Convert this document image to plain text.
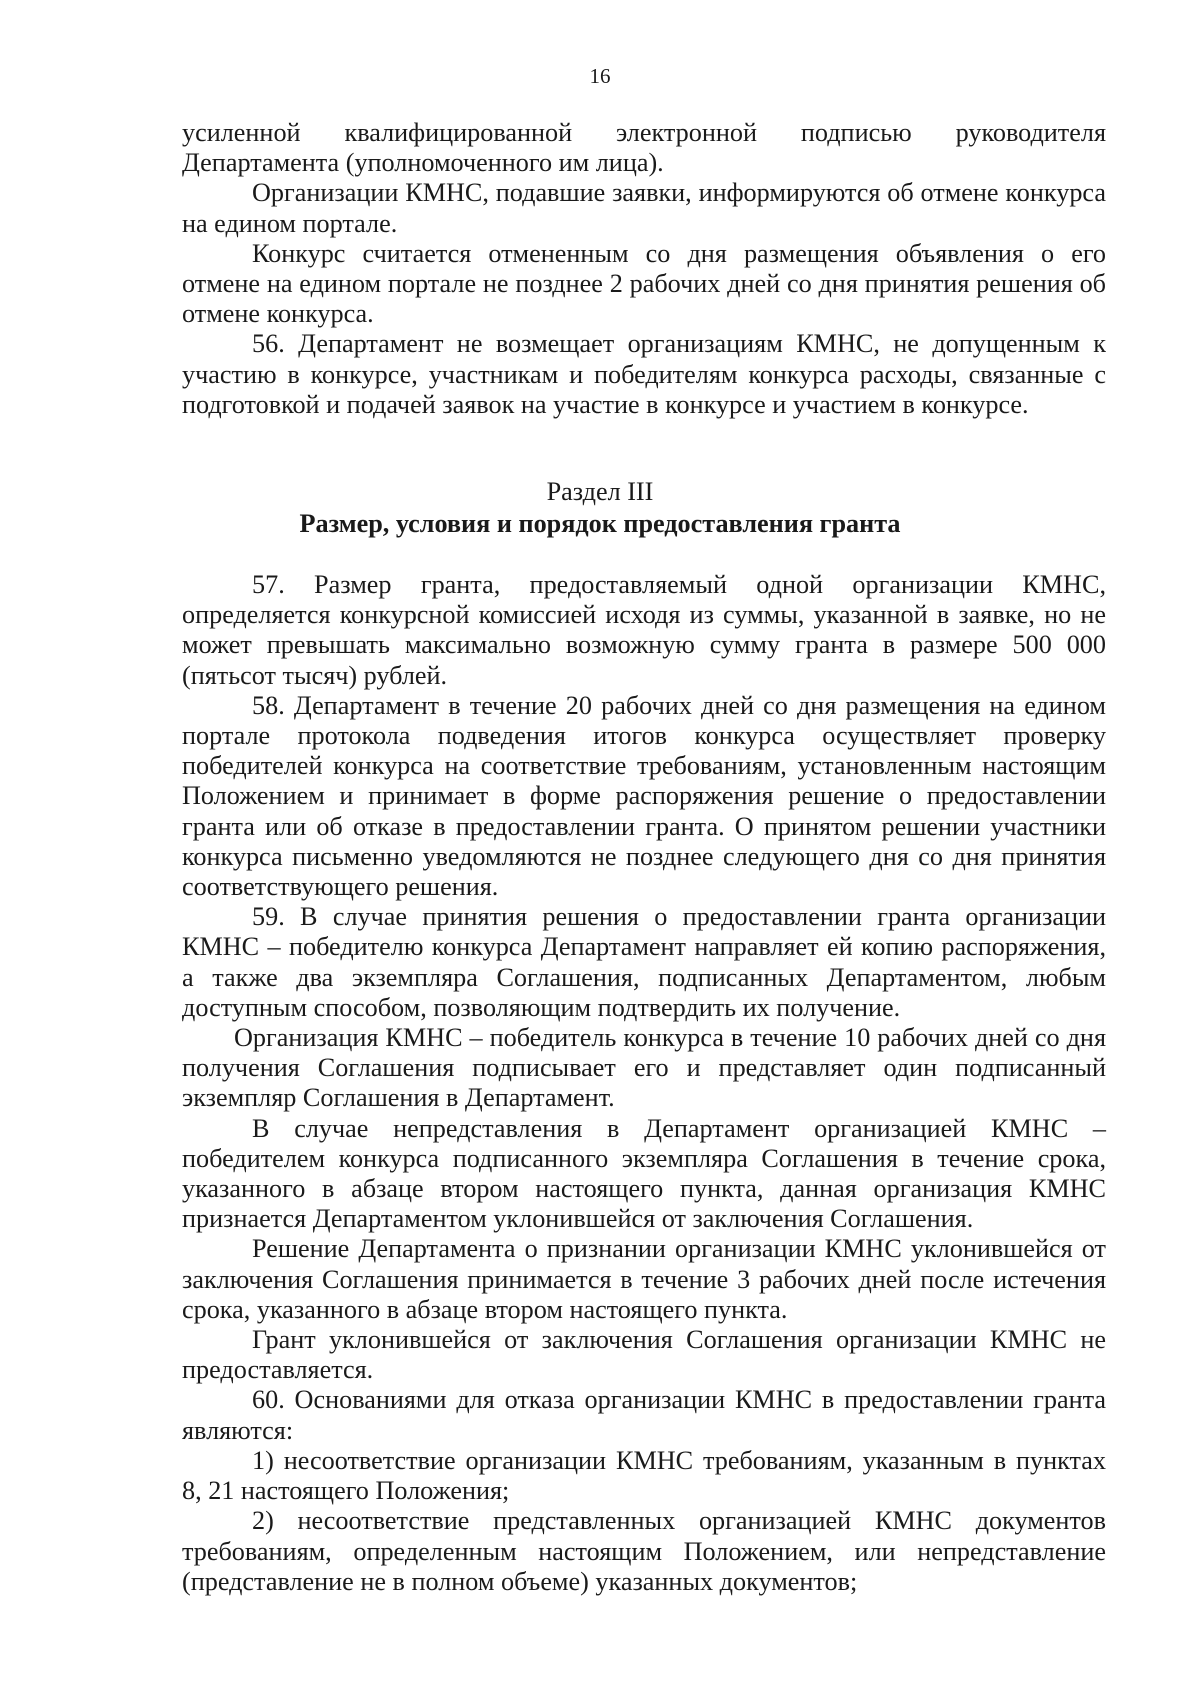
16

усиленной квалифицированной электронной подписью руководителя Департамента (уполномоченного им лица).

Организации КМНС, подавшие заявки, информируются об отмене конкурса на едином портале.

Конкурс считается отмененным со дня размещения объявления о его отмене на едином портале не позднее 2 рабочих дней со дня принятия решения об отмене конкурса.

56. Департамент не возмещает организациям КМНС, не допущенным к участию в конкурсе, участникам и победителям конкурса расходы, связанные с подготовкой и подачей заявок на участие в конкурсе и участием в конкурсе.

Раздел III
Размер, условия и порядок предоставления гранта

57. Размер гранта, предоставляемый одной организации КМНС, определяется конкурсной комиссией исходя из суммы, указанной в заявке, но не может превышать максимально возможную сумму гранта в размере 500 000 (пятьсот тысяч) рублей.

58. Департамент в течение 20 рабочих дней со дня размещения на едином портале протокола подведения итогов конкурса осуществляет проверку победителей конкурса на соответствие требованиям, установленным настоящим Положением и принимает в форме распоряжения решение о предоставлении гранта или об отказе в предоставлении гранта. О принятом решении участники конкурса письменно уведомляются не позднее следующего дня со дня принятия соответствующего решения.

59. В случае принятия решения о предоставлении гранта организации КМНС – победителю конкурса Департамент направляет ей копию распоряжения, а также два экземпляра Соглашения, подписанных Департаментом, любым доступным способом, позволяющим подтвердить их получение.

Организация КМНС – победитель конкурса в течение 10 рабочих дней со дня получения Соглашения подписывает его и представляет один подписанный экземпляр Соглашения в Департамент.

В случае непредставления в Департамент организацией КМНС – победителем конкурса подписанного экземпляра Соглашения в течение срока, указанного в абзаце втором настоящего пункта, данная организация КМНС признается Департаментом уклонившейся от заключения Соглашения.

Решение Департамента о признании организации КМНС уклонившейся от заключения Соглашения принимается в течение 3 рабочих дней после истечения срока, указанного в абзаце втором настоящего пункта.

Грант уклонившейся от заключения Соглашения организации КМНС не предоставляется.

60. Основаниями для отказа организации КМНС в предоставлении гранта являются:

1) несоответствие организации КМНС требованиям, указанным в пунктах 8, 21 настоящего Положения;

2) несоответствие представленных организацией КМНС документов требованиям, определенным настоящим Положением, или непредставление (представление не в полном объеме) указанных документов;
